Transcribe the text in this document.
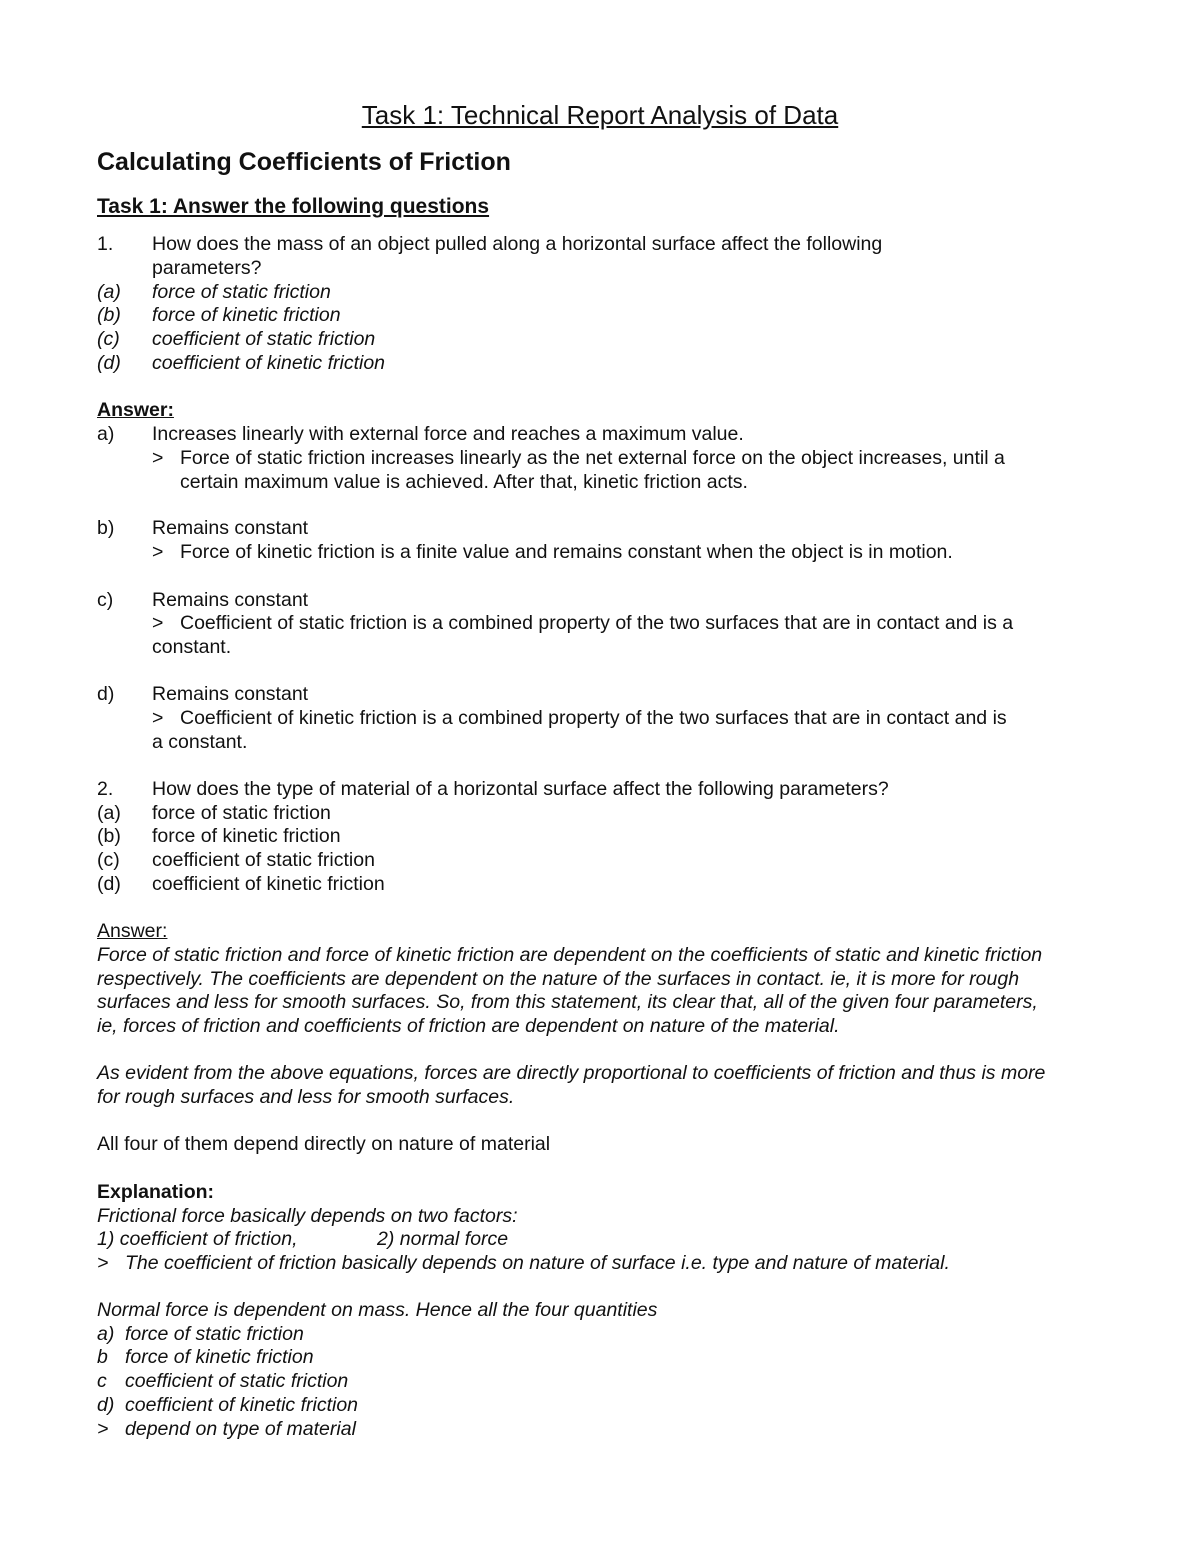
Task 1: Technical Report Analysis of Data
Calculating Coefficients of Friction
Task 1: Answer the following questions
1. How does the mass of an object pulled along a horizontal surface affect the following
parameters?
(a) force of static friction
(b) force of kinetic friction
(c) coefficient of static friction
(d) coefficient of kinetic friction
Answer:
a) Increases linearly with external force and reaches a maximum value.
> Force of static friction increases linearly as the net external force on the object increases, until a
certain maximum value is achieved. After that, kinetic friction acts.
b) Remains constant
> Force of kinetic friction is a finite value and remains constant when the object is in motion.
c) Remains constant
> Coefficient of static friction is a combined property of the two surfaces that are in contact and is a
constant.
d) Remains constant
> Coefficient of kinetic friction is a combined property of the two surfaces that are in contact and is
a constant.
2. How does the type of material of a horizontal surface affect the following parameters?
(a) force of static friction
(b) force of kinetic friction
(c) coefficient of static friction
(d) coefficient of kinetic friction
Answer:
Force of static friction and force of kinetic friction are dependent on the coefficients of static and kinetic friction
respectively. The coefficients are dependent on the nature of the surfaces in contact. ie, it is more for rough
surfaces and less for smooth surfaces. So, from this statement, its clear that, all of the given four parameters,
ie, forces of friction and coefficients of friction are dependent on nature of the material.
As evident from the above equations, forces are directly proportional to coefficients of friction and thus is more
for rough surfaces and less for smooth surfaces.
All four of them depend directly on nature of material
Explanation:
Frictional force basically depends on two factors:
1) coefficient of friction,	2) normal force
> The coefficient of friction basically depends on nature of surface i.e. type and nature of material.
Normal force is dependent on mass. Hence all the four quantities
a) force of static friction
b force of kinetic friction
c coefficient of static friction
d) coefficient of kinetic friction
> depend on type of material
